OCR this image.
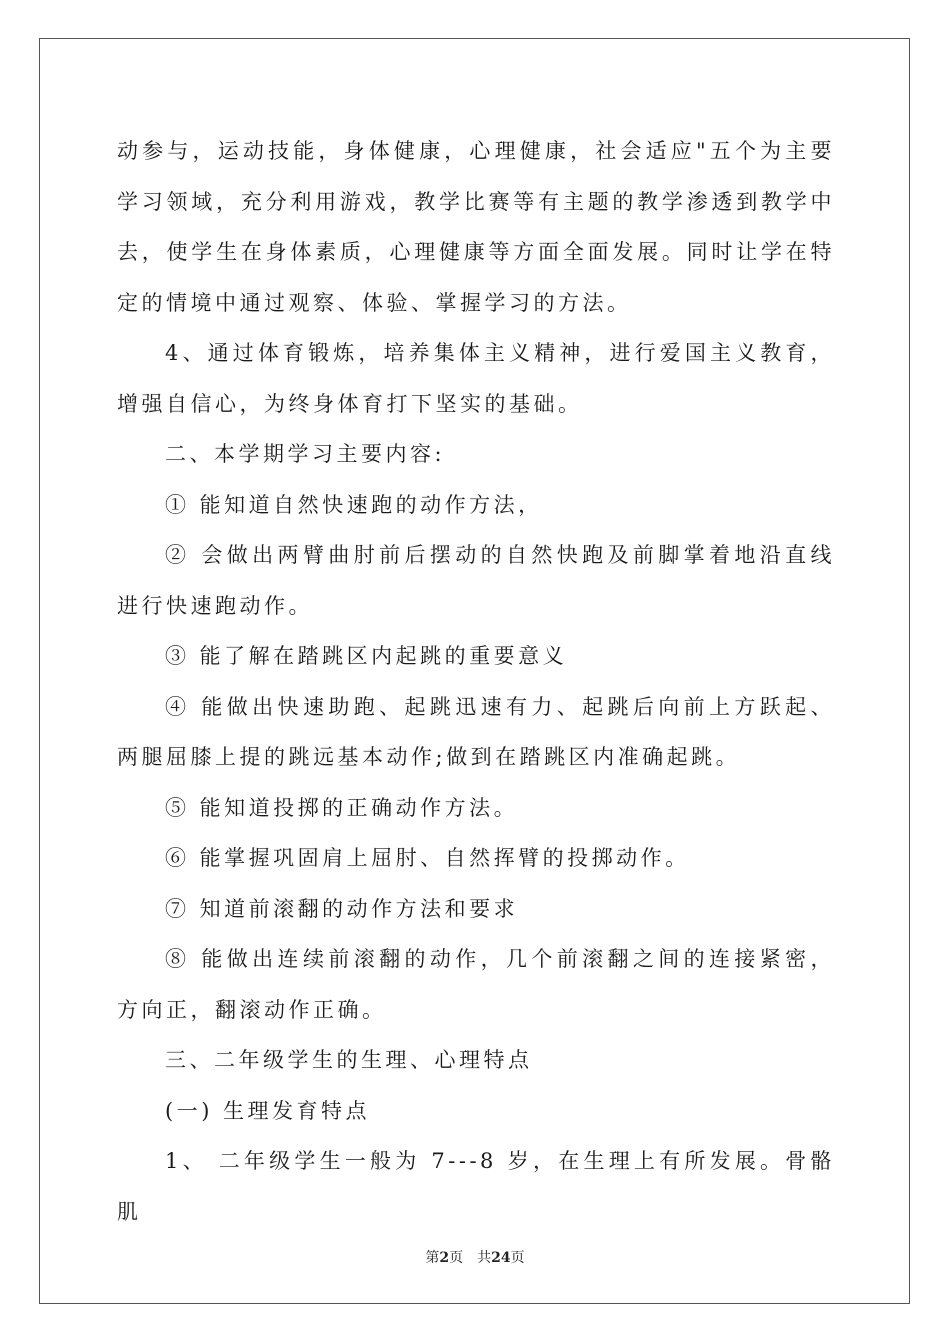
动参与，运动技能，身体健康，心理健康，社会适应"五个为主要学习领域，充分利用游戏，教学比赛等有主题的教学渗透到教学中去，使学生在身体素质，心理健康等方面全面发展。同时让学在特定的情境中通过观察、体验、掌握学习的方法。

4、通过体育锻炼，培养集体主义精神，进行爱国主义教育，增强自信心，为终身体育打下坚实的基础。

二、本学期学习主要内容:

① 能知道自然快速跑的动作方法，

② 会做出两臂曲肘前后摆动的自然快跑及前脚掌着地沿直线进行快速跑动作。

③ 能了解在踏跳区内起跳的重要意义

④ 能做出快速助跑、起跳迅速有力、起跳后向前上方跃起、两腿屈膝上提的跳远基本动作;做到在踏跳区内准确起跳。

⑤ 能知道投掷的正确动作方法。

⑥ 能掌握巩固肩上屈肘、自然挥臂的投掷动作。

⑦ 知道前滚翻的动作方法和要求

⑧ 能做出连续前滚翻的动作，几个前滚翻之间的连接紧密，方向正，翻滚动作正确。

三、二年级学生的生理、心理特点

(一) 生理发育特点

1、 二年级学生一般为 7---8 岁，在生理上有所发展。骨骼肌

第2页 共24页
